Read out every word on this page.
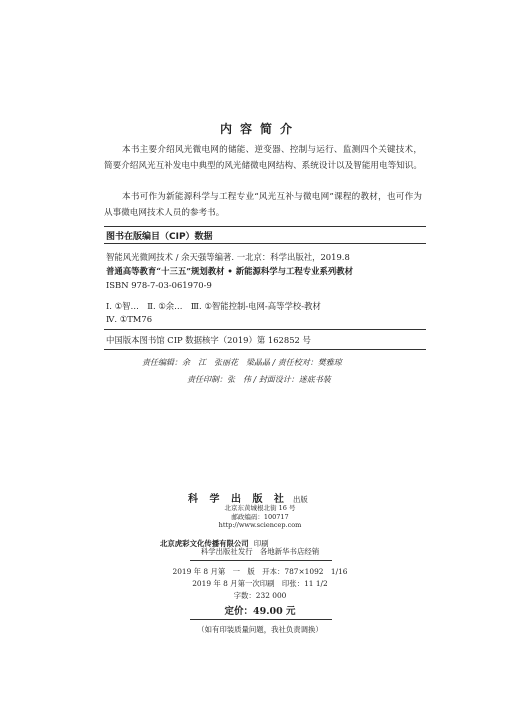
内容简介
本书主要介绍风光微电网的储能、逆变器、控制与运行、监测四个关键技术，简要介绍风光互补发电中典型的风光储微电网结构、系统设计以及智能用电等知识。
本书可作为新能源科学与工程专业“风光互补与微电网”课程的教材，也可作为从事微电网技术人员的参考书。
图书在版编目（CIP）数据
智能风光微网技术 / 余天强等编著. 一北京：科学出版社，2019.8
普通高等教育“十三五”规划教材 • 新能源科学与工程专业系列教材
ISBN 978-7-03-061970-9
Ⅰ. ①智…　Ⅱ. ①余…　Ⅲ. ①智能控制-电网-高等学校-教材
Ⅳ. ①TM76
中国版本图书馆 CIP 数据核字（2019）第 162852 号
责任编辑：余　江　张丽花　梁晶晶 / 责任校对：樊雅琼
责任印制：张　伟 / 封面设计：迷底书装
科 学 出 版 社 出版
北京东黄城根北街 16 号
邮政编码：100717
http://www.sciencep.com
北京虎彩文化传播有限公司 印刷
科学出版社发行　各地新华书店经销
2019 年 8 月第　一　版　开本：787×1092　1/16
2019 年 8 月第一次印刷　印张：11 1/2
字数：232 000
定价：49.00 元
（如有印装质量问题，我社负责调换）
